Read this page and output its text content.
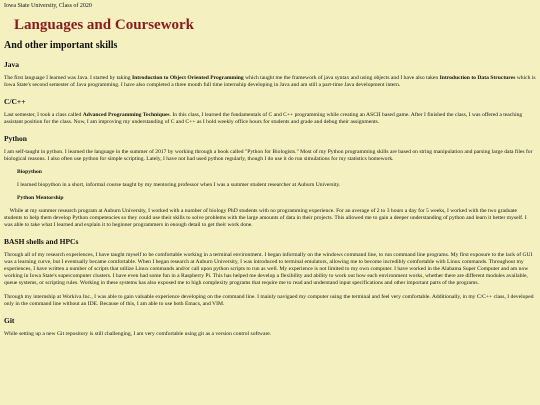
Iowa State University, Class of 2020

Languages and Coursework
And other important skills
Java

The first language I learned was Java. I started by taking Introduction to Object Oriented Programming which taught me the framework of java syntax and using objects and I have also taken Introduction to Data Structures which is Iowa State's second semester of Java programming. I have also completed a three month full time internship developing in Java and am still a part-time Java development intern.

C/C++

Last semester, I took a class called Advanced Programming Techniques. In this class, I learned the fundamentals of C and C++ programming while creating an ASCII based game. After I finished the class, I was offered a teaching assistant position for the class. Now, I am improving my understanding of C and C++ as I hold weekly office hours for students and grade and debug their assignments.

Python

I am self-taught in python. I learned the language in the summer of 2017 by working through a book called "Python for Biologists." Most of my Python programming skills are based on string manipulation and parsing large data files for biological reasons. I also often use python for simple scripting. Lately, I have not had used python regularly, though I do use it do run simulations for my statistics homework.

Biopython

I learned biopython in a short, informal course taught by my mentoring professor when I was a summer student researcher at Auburn University.

Python Mentorship

While at my summer research program at Auburn University, I worked with a number of biology PhD students with no programming experience. For an average of 2 to 3 hours a day for 5 weeks, I worked with the two graduate students to help them develop Python competencies so they could use their skills to solve problems with the large amounts of data in their projects. This allowed me to gain a deeper understanding of python and learn it better myself. I was able to take what I learned and explain it to beginner programmers in enough detail to get their work done.

BASH shells and HPCs

Through all of my research experiences, I have taught myself to be comfortable working in a terminal environment. I began informally on the windows command line, to run command line programs. My first exposure to the lack of GUI was a learning curve, but I eventually became comfortable. When I began research at Auburn University, I was introduced to terminal emulators, allowing me to become incredibly comfortable with Linux commands. Throughout my experiences, I have written a number of scripts that utilize Linux commands and/or call upon python scripts to run as well. My experience is not limited to my own computer. I have worked in the Alabama Super Computer and am now working in Iowa State's supercomputer clusters. I have even had some fun in a Raspberry Pi. This has helped me develop a flexibility and ability to work out how each environment works, whether there are different modules available, queue systems, or scripting rules. Working in these systems has also exposed me to high complexity programs that require me to read and understand input specifications and other important parts of the programs.

Through my internship at Workiva Inc., I was able to gain valuable experience developing on the command line. I mainly navigaed my computer using the terminal and feel very comfortable. Additionally, in my C/C++ class, I developed only in the command line without an IDE. Because of this, I am able to use both Emacs, and VIM.

Git

While setting up a new Git repository is still challenging, I am very comfortable using git as a version control software.
